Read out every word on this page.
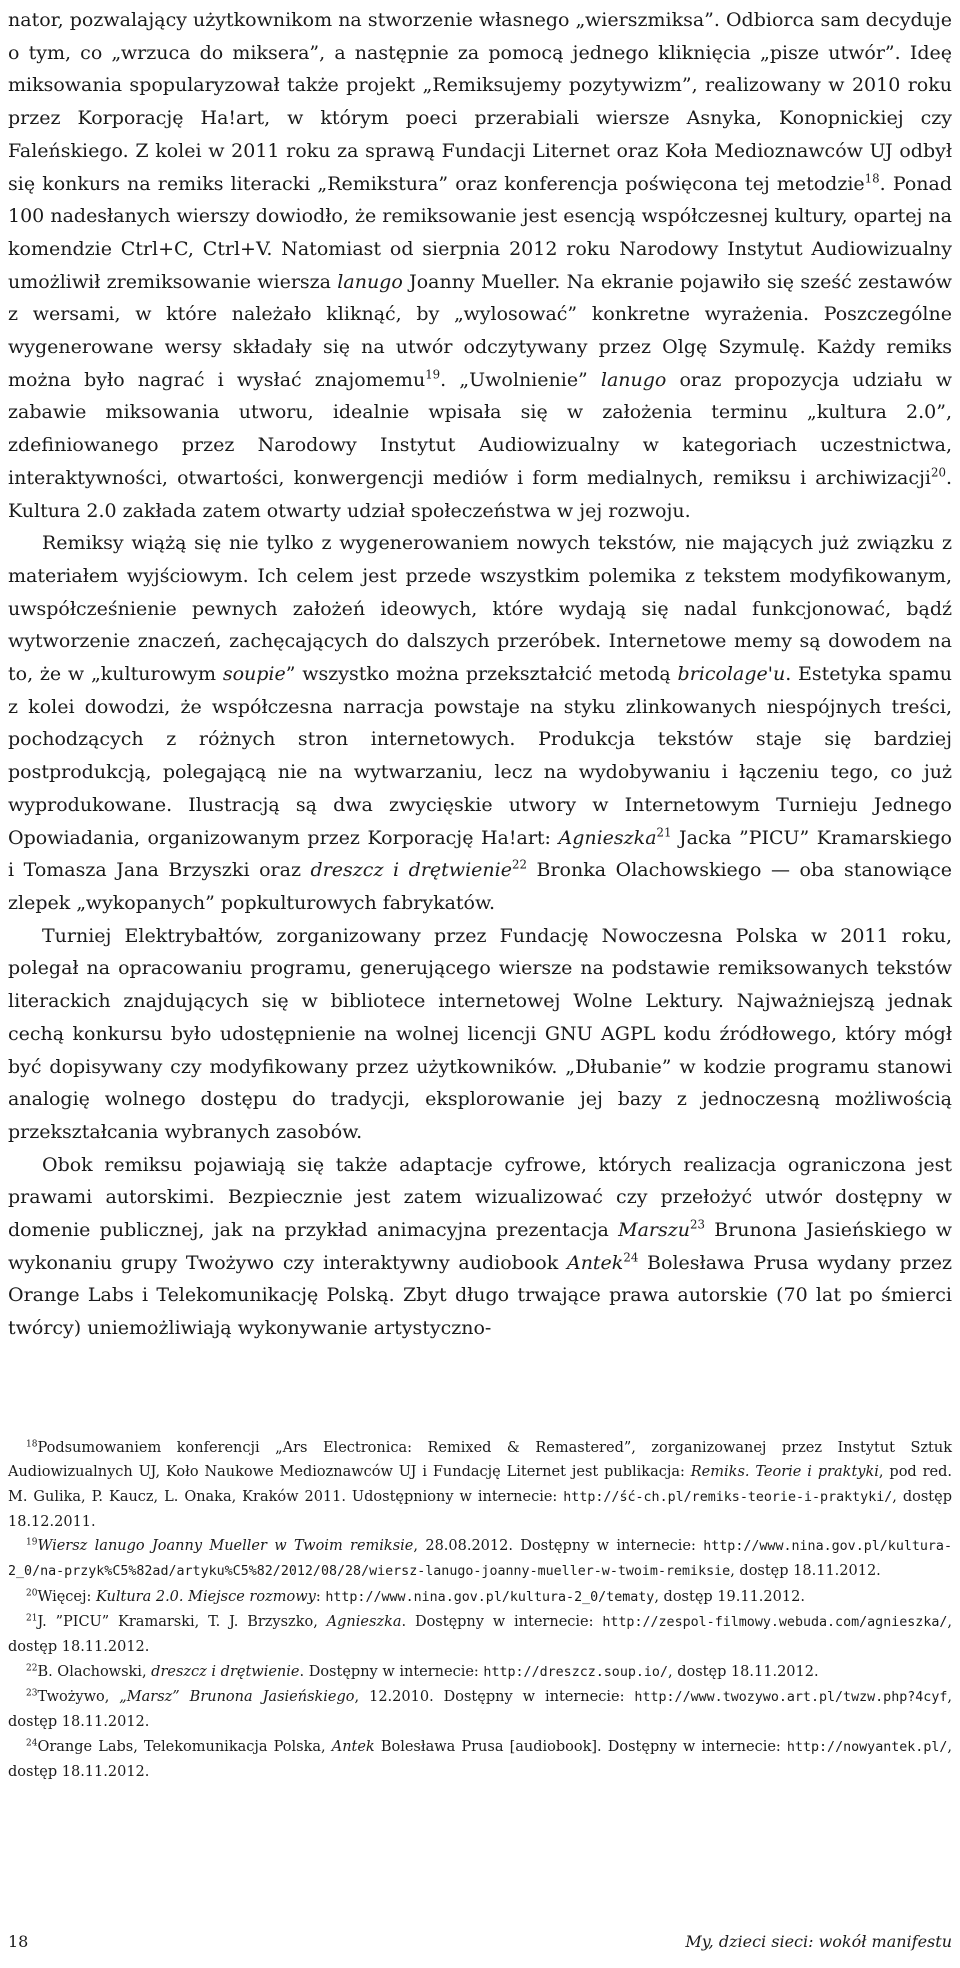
nator, pozwalający użytkownikom na stworzenie własnego „wierszmiksa”. Odbiorca sam decyduje o tym, co „wrzuca do miksera”, a następnie za pomocą jednego kliknięcia „pisze utwór”. Ideę miksowania spopularyzował także projekt „Remiksujemy pozytywizm”, realizowany w 2010 roku przez Korporację Ha!art, w którym poeci przerabiali wiersze Asnyka, Konopnickiej czy Faleńskiego. Z kolei w 2011 roku za sprawą Fundacji Liternet oraz Koła Medioznawców UJ odbył się konkurs na remiks literacki „Remikstura” oraz konferencja poświęcona tej metodzie$^{18}$. Ponad 100 nadesłanych wierszy dowiodło, że remiksowanie jest esencją współczesnej kultury, opartej na komendzie Ctrl+C, Ctrl+V. Natomiast od sierpnia 2012 roku Narodowy Instytut Audiowizualny umożliwił zremiksowanie wiersza lanugo Joanny Mueller. Na ekranie pojawiło się sześć zestawów z wersami, w które należało kliknąć, by „wylosować” konkretne wyrażenia. Poszczególne wygenerowane wersy składały się na utwór odczytywany przez Olgę Szymulę. Każdy remiks można było nagrać i wysłać znajomemu$^{19}$. „Uwolnienie” lanugo oraz propozycja udziału w zabawie miksowania utworu, idealnie wpisała się w założenia terminu „kultura 2.0”, zdefiniowanego przez Narodowy Instytut Audiowizualny w kategoriach uczestnictwa, interaktywności, otwartości, konwergencji mediów i form medialnych, remiksu i archiwizacji$^{20}$. Kultura 2.0 zakłada zatem otwarty udział społeczeństwa w jej rozwoju.

Remiksy wiążą się nie tylko z wygenerowaniem nowych tekstów, nie mających już związku z materiałem wyjściowym. Ich celem jest przede wszystkim polemika z tekstem modyfikowanym, uwspółcześnienie pewnych założeń ideowych, które wydają się nadal funkcjonować, bądź wytworzenie znaczeń, zachęcających do dalszych przeróbek. Internetowe memy są dowodem na to, że w „kulturowym soupie” wszystko można przekształcić metodą bricolage'u. Estetyka spamu z kolei dowodzi, że współczesna narracja powstaje na styku zlinkowanych niespójnych treści, pochodzących z różnych stron internetowych. Produkcja tekstów staje się bardziej postprodukcją, polegającą nie na wytwarzaniu, lecz na wydobywaniu i łączeniu tego, co już wyprodukowane. Ilustracją są dwa zwycięskie utwory w Internetowym Turnieju Jednego Opowiadania, organizowanym przez Korporację Ha!art: Agnieszka$^{21}$ Jacka ”PICU” Kramarskiego i Tomasza Jana Brzyszki oraz dreszcz i drętwienie$^{22}$ Bronka Olachowskiego — oba stanowiące zlepek „wykopanych” popkulturowych fabrykatów.

Turniej Elektrybałtów, zorganizowany przez Fundację Nowoczesna Polska w 2011 roku, polegał na opracowaniu programu, generującego wiersze na podstawie remiksowanych tekstów literackich znajdujących się w bibliotece internetowej Wolne Lektury. Najważniejszą jednak cechą konkursu było udostępnienie na wolnej licencji GNU AGPL kodu źródłowego, który mógł być dopisywany czy modyfikowany przez użytkowników. „Dłubanie” w kodzie programu stanowi analogię wolnego dostępu do tradycji, eksplorowanie jej bazy z jednoczesną możliwością przekształcania wybranych zasobów.

Obok remiksu pojawiają się także adaptacje cyfrowe, których realizacja ograniczona jest prawami autorskimi. Bezpiecznie jest zatem wizualizować czy przełożyć utwór dostępny w domenie publicznej, jak na przykład animacyjna prezentacja Marszu$^{23}$ Brunona Jasieńskiego w wykonaniu grupy Twożywo czy interaktywny audiobook Antek$^{24}$ Bolesława Prusa wydany przez Orange Labs i Telekomunikację Polską. Zbyt długo trwające prawa autorskie (70 lat po śmierci twórcy) uniemożliwiają wykonywanie artystyczno-

$^{18}$Podsumowaniem konferencji „Ars Electronica: Remixed & Remastered”, zorganizowanej przez Instytut Sztuk Audiowizualnych UJ, Koło Naukowe Medioznawców UJ i Fundację Liternet jest publikacja: Remiks. Teorie i praktyki, pod red. M. Gulika, P. Kaucz, L. Onaka, Kraków 2011. Udostępniony w internecie: http://ść-ch.pl/remiks-teorie-i-praktyki/, dostęp 18.12.2011.

$^{19}$Wiersz lanugo Joanny Mueller w Twoim remiksie, 28.08.2012. Dostępny w internecie: http://www.nina.gov.pl/kultura-2_0/na-przyk%C5%82ad/artyku%C5%82/2012/08/28/wiersz-lanugo-joanny-mueller-w-twoim-remiksie, dostęp 18.11.2012.

$^{20}$Więcej: Kultura 2.0. Miejsce rozmowy: http://www.nina.gov.pl/kultura-2_0/tematy, dostęp 19.11.2012.

$^{21}$J. ”PICU” Kramarski, T. J. Brzyszko, Agnieszka. Dostępny w internecie: http://zespol-filmowy.webuda.com/agnieszka/, dostęp 18.11.2012.

$^{22}$B. Olachowski, dreszcz i drętwienie. Dostępny w internecie: http://dreszcz.soup.io/, dostęp 18.11.2012.

$^{23}$Twożywo, „Marsz” Brunona Jasieńskiego, 12.2010. Dostępny w internecie: http://www.twozywo.art.pl/twzw.php?4cyf, dostęp 18.11.2012.

$^{24}$Orange Labs, Telekomunikacja Polska, Antek Bolesława Prusa [audiobook]. Dostępny w internecie: http://nowyantek.pl/, dostęp 18.11.2012.

18	My, dzieci sieci: wokół manifestu
